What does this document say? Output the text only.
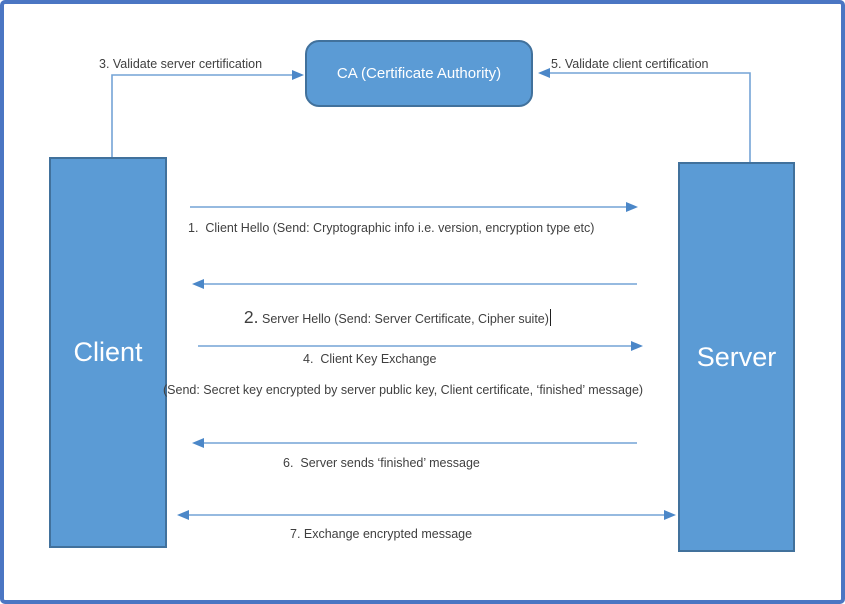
CA (Certificate Authority)
Client	Server
3. Validate server certification	5. Validate client certification
1.  Client Hello (Send: Cryptographic info i.e. version, encryption type etc)

2. Server Hello (Send: Server Certificate, Cipher suite)

4.  Client Key Exchange
(Send: Secret key encrypted by server public key, Client certificate, ‘finished’ message)
6.  Server sends ‘finished’ message
7. Exchange encrypted message
